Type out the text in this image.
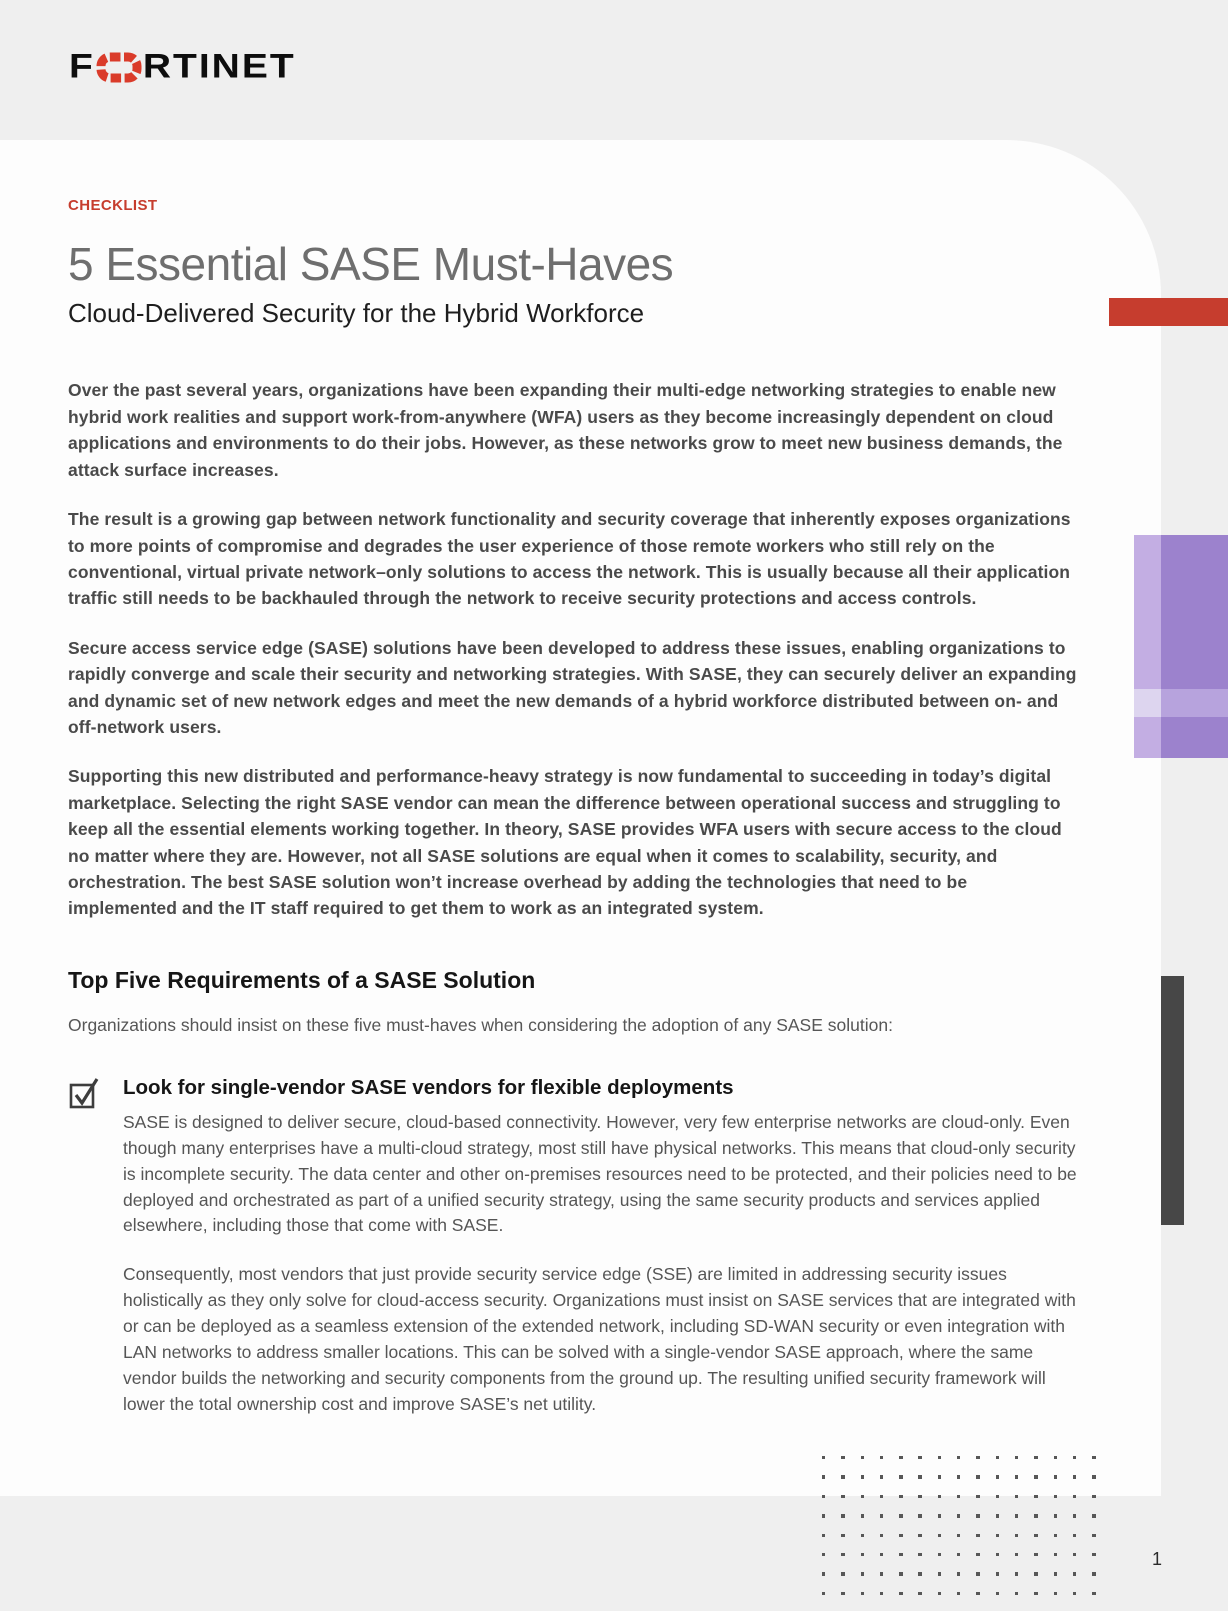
F RTINET
CHECKLIST
5 Essential SASE Must-Haves
Cloud-Delivered Security for the Hybrid Workforce

Over the past several years, organizations have been expanding their multi-edge networking strategies to enable new hybrid work realities and support work-from-anywhere (WFA) users as they become increasingly dependent on cloud applications and environments to do their jobs. However, as these networks grow to meet new business demands, the attack surface increases.

The result is a growing gap between network functionality and security coverage that inherently exposes organizations to more points of compromise and degrades the user experience of those remote workers who still rely on the conventional, virtual private network–only solutions to access the network. This is usually because all their application traffic still needs to be backhauled through the network to receive security protections and access controls.

Secure access service edge (SASE) solutions have been developed to address these issues, enabling organizations to rapidly converge and scale their security and networking strategies. With SASE, they can securely deliver an expanding and dynamic set of new network edges and meet the new demands of a hybrid workforce distributed between on- and off-network users.

Supporting this new distributed and performance-heavy strategy is now fundamental to succeeding in today’s digital marketplace. Selecting the right SASE vendor can mean the difference between operational success and struggling to keep all the essential elements working together. In theory, SASE provides WFA users with secure access to the cloud no matter where they are. However, not all SASE solutions are equal when it comes to scalability, security, and orchestration. The best SASE solution won’t increase overhead by adding the technologies that need to be implemented and the IT staff required to get them to work as an integrated system.

Top Five Requirements of a SASE Solution

Organizations should insist on these five must-haves when considering the adoption of any SASE solution:

Look for single-vendor SASE vendors for flexible deployments

SASE is designed to deliver secure, cloud-based connectivity. However, very few enterprise networks are cloud-only. Even though many enterprises have a multi-cloud strategy, most still have physical networks. This means that cloud-only security is incomplete security. The data center and other on-premises resources need to be protected, and their policies need to be deployed and orchestrated as part of a unified security strategy, using the same security products and services applied elsewhere, including those that come with SASE.

Consequently, most vendors that just provide security service edge (SSE) are limited in addressing security issues holistically as they only solve for cloud-access security. Organizations must insist on SASE services that are integrated with or can be deployed as a seamless extension of the extended network, including SD-WAN security or even integration with LAN networks to address smaller locations. This can be solved with a single-vendor SASE approach, where the same vendor builds the networking and security components from the ground up. The resulting unified security framework will lower the total ownership cost and improve SASE’s net utility.

1
